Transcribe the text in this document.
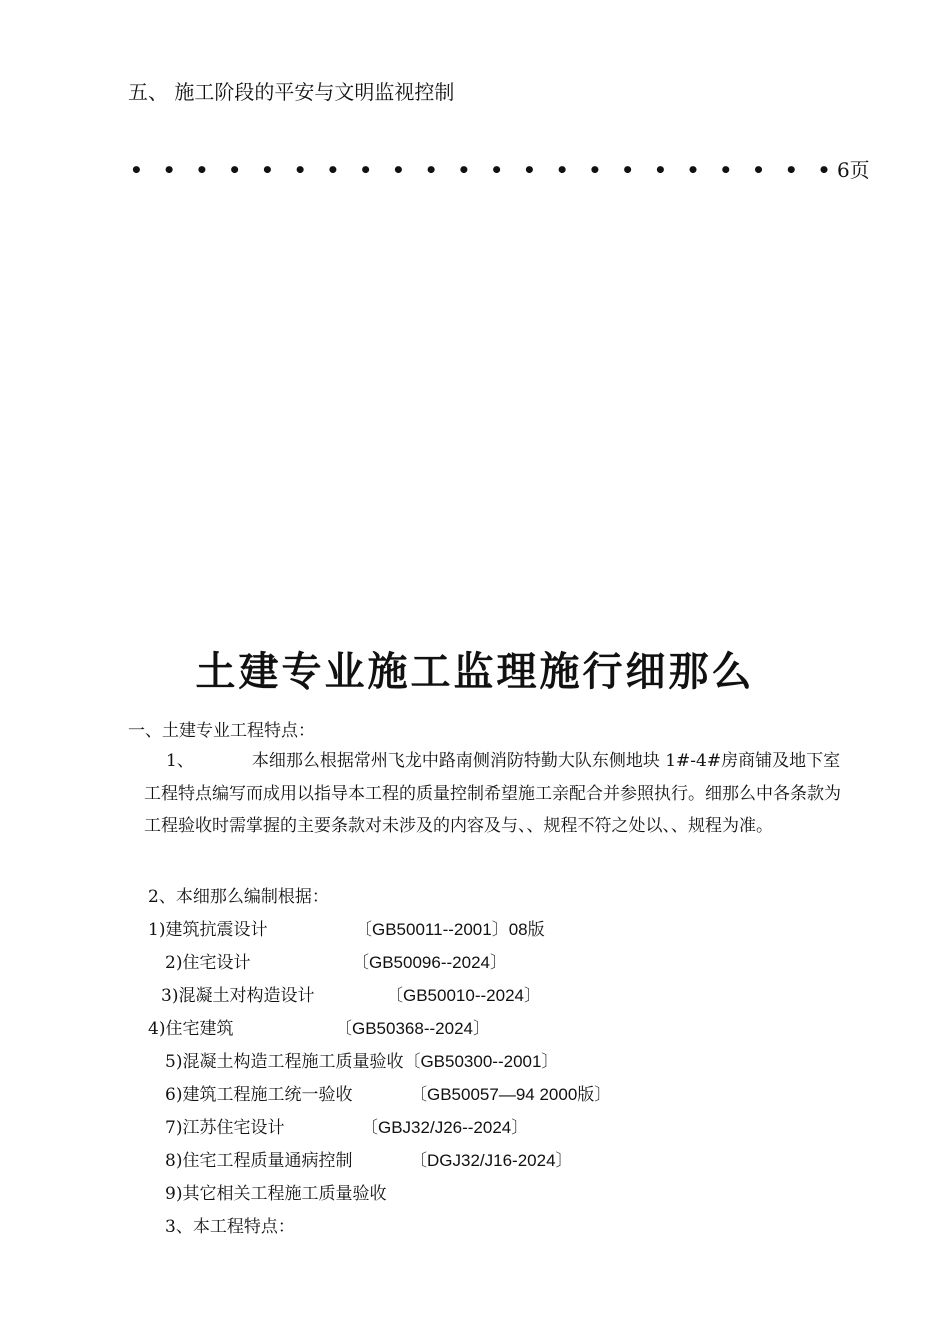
五、 施工阶段的平安与文明监视控制
• • • • • • • • • • • • • • • • • • • • • •6页
土建专业施工监理施行细那么
一、土建专业工程特点：
1、	本细那么根据常州飞龙中路南侧消防特勤大队东侧地块 1#-4#房商铺及地下室工程特点编写而成用以指导本工程的质量控制希望施工亲配合并参照执行。细那么中各条款为工程验收时需掌握的主要条款对未涉及的内容及与、、规程不符之处以、、规程为准。
2、本细那么编制根据：
1)建筑抗震设计	〔GB50011--2001〕08版
2)住宅设计	〔GB50096--2024〕
3)混凝土对构造设计	〔GB50010--2024〕
4)住宅建筑	〔GB50368--2024〕
5)混凝土构造工程施工质量验收〔GB50300--2001〕
6)建筑工程施工统一验收	〔GB50057—94 2000版〕
7)江苏住宅设计	〔GBJ32/J26--2024〕
8)住宅工程质量通病控制	〔DGJ32/J16-2024〕
9)其它相关工程施工质量验收
3、本工程特点：
